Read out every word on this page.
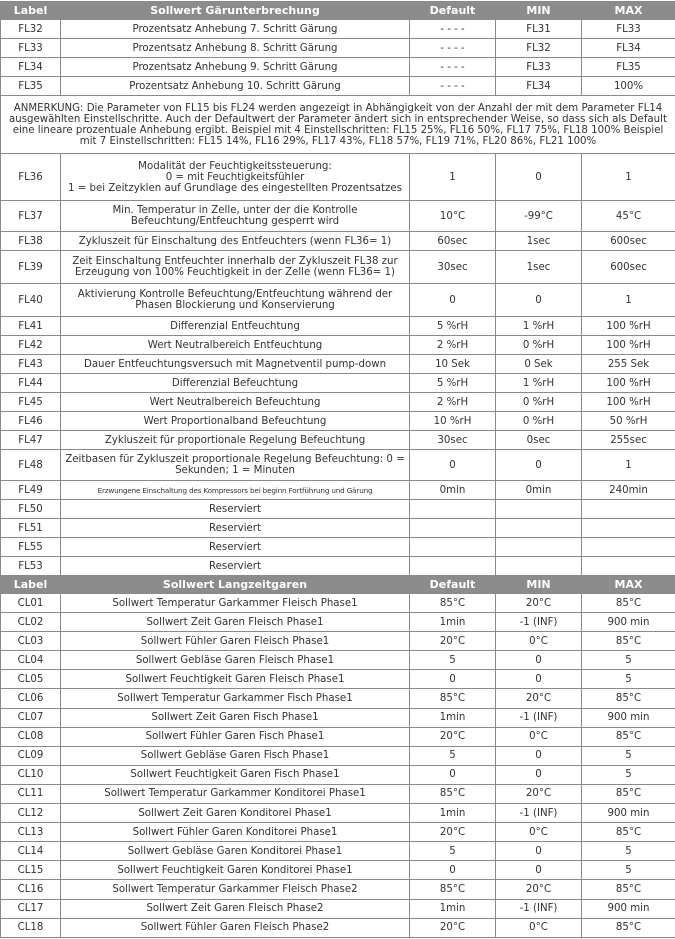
Label	Sollwert Gärunterbrechung	Default	MIN	MAX
FL32	Prozentsatz Anhebung 7. Schritt Gärung	- - - -	FL31	FL33
FL33	Prozentsatz Anhebung 8. Schritt Gärung	- - - -	FL32	FL34
FL34	Prozentsatz Anhebung 9. Schritt Gärung	- - - -	FL33	FL35
FL35	Prozentsatz Anhebung 10. Schritt Gärung	- - - -	FL34	100%
ANMERKUNG: Die Parameter von FL15 bis FL24 werden angezeigt in Abhängigkeit von der Anzahl der mit dem Parameter FL14 ausgewählten Einstellschritte. Auch der Defaultwert der Parameter ändert sich in entsprechender Weise, so dass sich als Default eine lineare prozentuale Anhebung ergibt. Beispiel mit 4 Einstellschritten: FL15 25%, FL16 50%, FL17 75%, FL18 100% Beispiel mit 7 Einstellschritten: FL15 14%, FL16 29%, FL17 43%, FL18 57%, FL19 71%, FL20 86%, FL21 100%				
FL36	Modalität der Feuchtigkeitssteuerung:
0 = mit Feuchtigkeitsfühler
1 = bei Zeitzyklen auf Grundlage des eingestellten Prozentsatzes	1	0	1
FL37	Min. Temperatur in Zelle, unter der die Kontrolle Befeuchtung/Entfeuchtung gesperrt wird	10°C	-99°C	45°C
FL38	Zykluszeit für Einschaltung des Entfeuchters (wenn FL36= 1)	60sec	1sec	600sec
FL39	Zeit Einschaltung Entfeuchter innerhalb der Zykluszeit FL38 zur Erzeugung von 100% Feuchtigkeit in der Zelle (wenn FL36= 1)	30sec	1sec	600sec
FL40	Aktivierung Kontrolle Befeuchtung/Entfeuchtung während der Phasen Blockierung und Konservierung	0	0	1
FL41	Differenzial Entfeuchtung	5 %rH	1 %rH	100 %rH
FL42	Wert Neutralbereich Entfeuchtung	2 %rH	0 %rH	100 %rH
FL43	Dauer Entfeuchtungsversuch mit Magnetventil pump-down	10 Sek	0 Sek	255 Sek
FL44	Differenzial Befeuchtung	5 %rH	1 %rH	100 %rH
FL45	Wert Neutralbereich Befeuchtung	2 %rH	0 %rH	100 %rH
FL46	Wert Proportionalband Befeuchtung	10 %rH	0 %rH	50 %rH
FL47	Zykluszeit für proportionale Regelung Befeuchtung	30sec	0sec	255sec
FL48	Zeitbasen für Zykluszeit proportionale Regelung Befeuchtung: 0 = Sekunden; 1 = Minuten	0	0	1
FL49	Erzwungene Einschaltung des Kompressors bei beginn Fortführung und Gärung	0min	0min	240min
FL50	Reserviert			
FL51	Reserviert			
FL55	Reserviert			
FL53	Reserviert			
Label	Sollwert Langzeitgaren	Default	MIN	MAX
CL01	Sollwert Temperatur Garkammer Fleisch Phase1	85°C	20°C	85°C
CL02	Sollwert Zeit Garen Fleisch Phase1	1min	-1 (INF)	900 min
CL03	Sollwert Fühler Garen Fleisch Phase1	20°C	0°C	85°C
CL04	Sollwert Gebläse Garen Fleisch Phase1	5	0	5
CL05	Sollwert Feuchtigkeit Garen Fleisch Phase1	0	0	5
CL06	Sollwert Temperatur Garkammer Fisch Phase1	85°C	20°C	85°C
CL07	Sollwert Zeit Garen Fisch Phase1	1min	-1 (INF)	900 min
CL08	Sollwert Fühler Garen Fisch Phase1	20°C	0°C	85°C
CL09	Sollwert Gebläse Garen Fisch Phase1	5	0	5
CL10	Sollwert Feuchtigkeit Garen Fisch Phase1	0	0	5
CL11	Sollwert Temperatur Garkammer Konditorei Phase1	85°C	20°C	85°C
CL12	Sollwert Zeit Garen Konditorei Phase1	1min	-1 (INF)	900 min
CL13	Sollwert Fühler Garen Konditorei Phase1	20°C	0°C	85°C
CL14	Sollwert Gebläse Garen Konditorei Phase1	5	0	5
CL15	Sollwert Feuchtigkeit Garen Konditorei Phase1	0	0	5
CL16	Sollwert Temperatur Garkammer Fleisch Phase2	85°C	20°C	85°C
CL17	Sollwert Zeit Garen Fleisch Phase2	1min	-1 (INF)	900 min
CL18	Sollwert Fühler Garen Fleisch Phase2	20°C	0°C	85°C
